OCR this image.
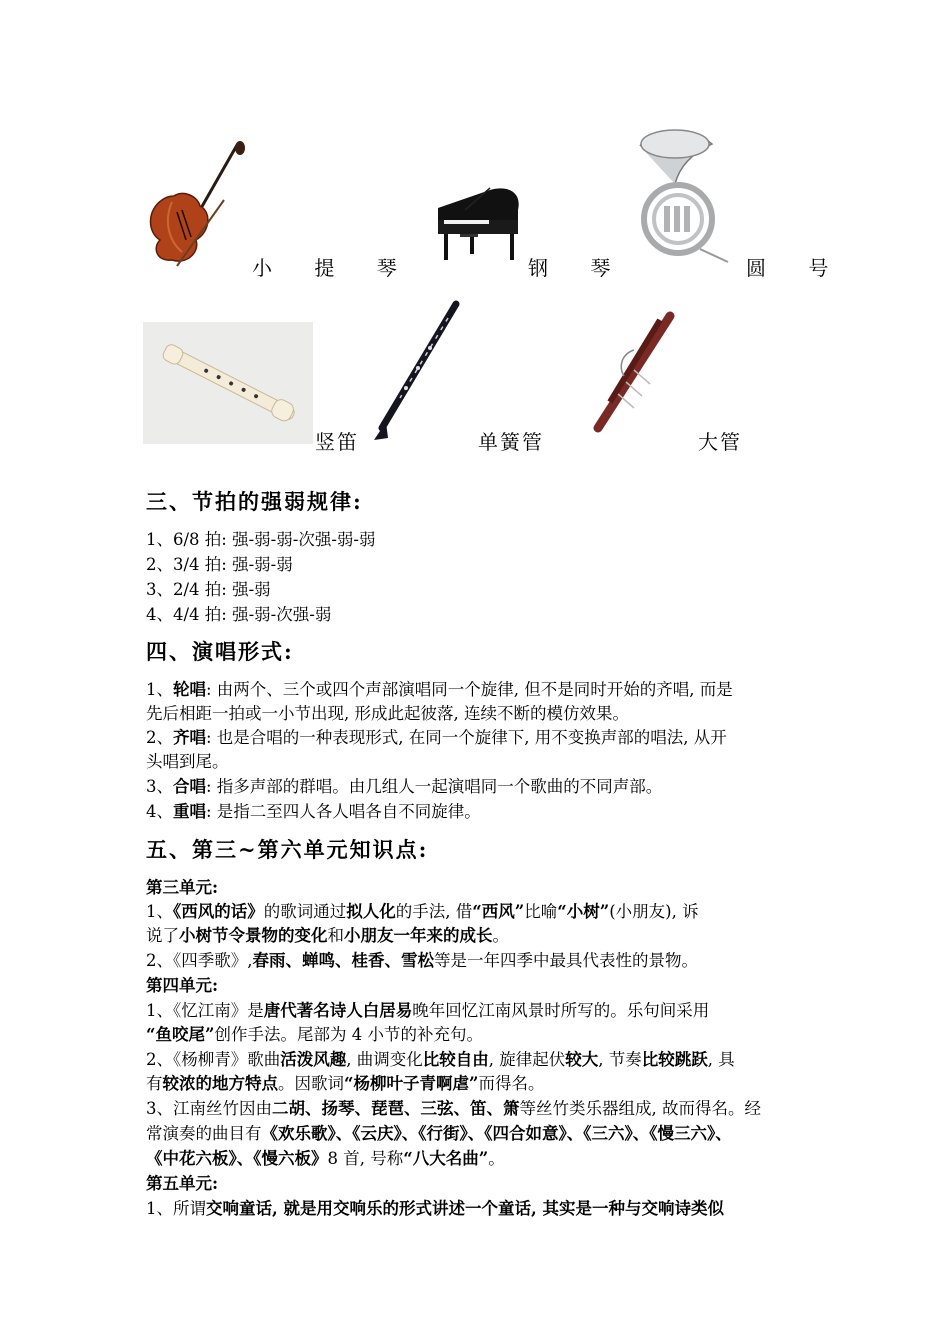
小 提 琴	钢 琴	圆 号
竖笛	单簧管	大管
三、节拍的强弱规律:
1、6/8 拍: 强-弱-弱-次强-弱-弱
2、3/4 拍: 强-弱-弱
3、2/4 拍: 强-弱
4、4/4 拍: 强-弱-次强-弱
四、演唱形式:
1、轮唱: 由两个、三个或四个声部演唱同一个旋律, 但不是同时开始的齐唱, 而是
先后相距一拍或一小节出现, 形成此起彼落, 连续不断的模仿效果。
2、齐唱: 也是合唱的一种表现形式, 在同一个旋律下, 用不变换声部的唱法, 从开
头唱到尾。
3、合唱: 指多声部的群唱。由几组人一起演唱同一个歌曲的不同声部。
4、重唱: 是指二至四人各人唱各自不同旋律。
五、第三~第六单元知识点:
第三单元:
1、《西风的话》的歌词通过拟人化的手法, 借“西风”比喻“小树”(小朋友), 诉
说了小树节令景物的变化和小朋友一年来的成长。
2、《四季歌》,春雨、蝉鸣、桂香、雪松等是一年四季中最具代表性的景物。
第四单元:
1、《忆江南》是唐代著名诗人白居易晚年回忆江南风景时所写的。乐句间采用
“鱼咬尾”创作手法。尾部为 4 小节的补充句。
2、《杨柳青》歌曲活泼风趣, 曲调变化比较自由, 旋律起伏较大, 节奏比较跳跃, 具
有较浓的地方特点。因歌词“杨柳叶子青啊虐”而得名。
3、江南丝竹因由二胡、扬琴、琵琶、三弦、笛、箫等丝竹类乐器组成, 故而得名。经
常演奏的曲目有《欢乐歌》、《云庆》、《行街》、《四合如意》、《三六》、《慢三六》、
《中花六板》、《慢六板》8 首, 号称“八大名曲”。
第五单元:
1、所谓交响童话, 就是用交响乐的形式讲述一个童话, 其实是一种与交响诗类似
